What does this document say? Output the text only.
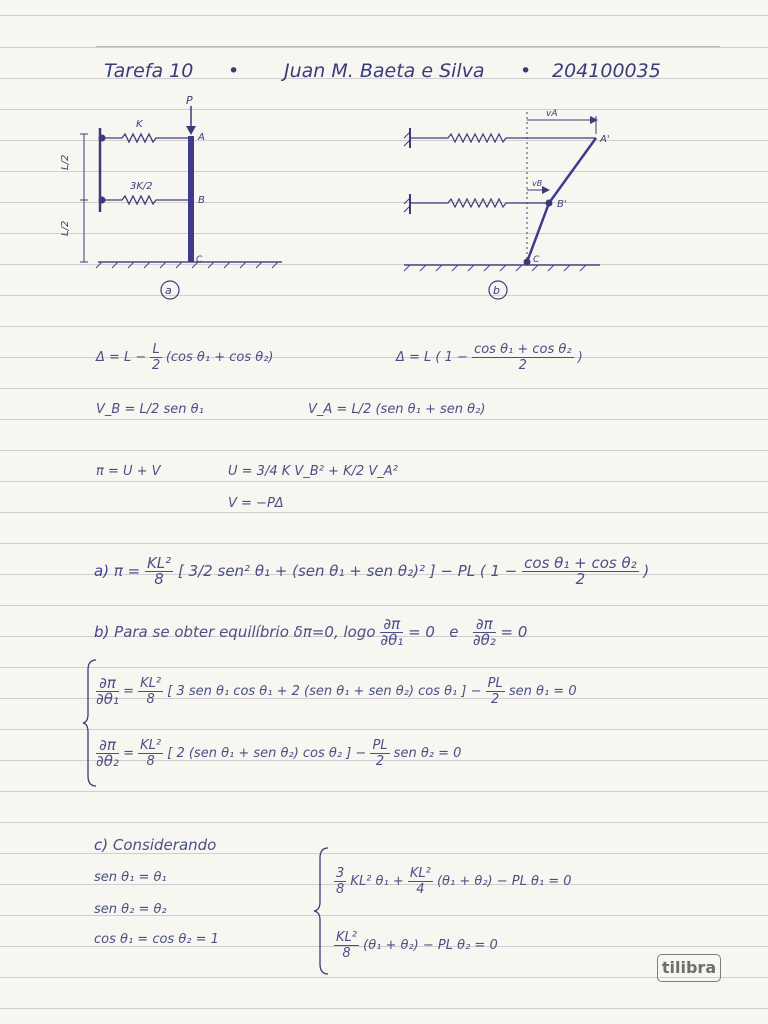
Tarefa 10 • Juan M. Baeta e Silva • 204100035
P
K
3K/2
L/2
L/2
A
B
C
a
vA
vB
A'
B'
C
b
$\Delta = L - \frac{L}{2} (\cos$ θ₁ + cos θ₂)	Δ = L ( $1 - \frac{\text{cos θ₁ + cos θ₂}}{2}$ )
V_B = L/2 sen θ₁	V_A = L/2 (sen θ₁ + sen θ₂)
π = U + V	U = 3/4 K V_B² + K/2 V_A²
V = −PΔ
a) $\pi = \frac{\text{KL²}}{8}$ [ 3/2 sen² θ₁ + (sen θ₁ + sen θ₂)² ] − PL ( $1 - \frac{\text{cos θ₁ + cos θ₂}}{2}$ )
b) Para se obter equilíbrio δπ=0, logo $\frac{\partial\pi}{\text{∂θ₁}} = 0$ e $\frac{\partial\pi}{\text{∂θ₂}} = 0$
$\frac{\partial\pi}{\text{∂θ₁}} = \frac{\text{KL²}}{8}$ [ 3 sen θ₁ cos θ₁ + 2 (sen θ₁ + sen θ₂) cos θ₁ ] − $\frac{PL}{2}$ sen θ₁ = 0
$\frac{\partial\pi}{\text{∂θ₂}} = \frac{\text{KL²}}{8}$ [ 2 (sen θ₁ + sen θ₂) cos θ₂ ] − $\frac{PL}{2}$ sen θ₂ = 0
c) Considerando
sen θ₁ = θ₁
sen θ₂ = θ₂
cos θ₁ = cos θ₂ = 1
$\frac{3}{8} KL^2$ $\theta_1 + \frac{\text{KL²}}{4} (\theta_1 + \theta_2)$ − PL θ₁ = 0
$\frac{\text{KL²}}{8} (\theta_1 + \theta_2)$ − PL θ₂ = 0
tilibra
